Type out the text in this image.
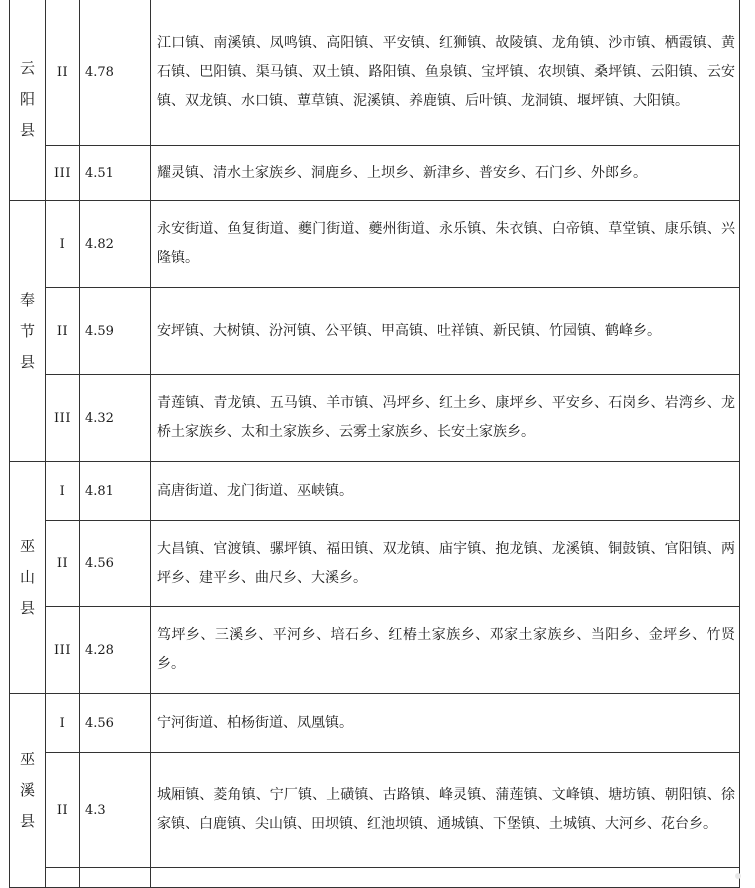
云阳县	II	4.78	江口镇、南溪镇、凤鸣镇、高阳镇、平安镇、红狮镇、故陵镇、龙角镇、沙市镇、栖霞镇、黄石镇、巴阳镇、渠马镇、双土镇、路阳镇、鱼泉镇、宝坪镇、农坝镇、桑坪镇、云阳镇、云安镇、双龙镇、水口镇、蕈草镇、泥溪镇、养鹿镇、后叶镇、龙洞镇、堰坪镇、大阳镇。
	III	4.51	耀灵镇、清水土家族乡、洞鹿乡、上坝乡、新津乡、普安乡、石门乡、外郎乡。
奉节县	I	4.82	永安街道、鱼复街道、夔门街道、夔州街道、永乐镇、朱衣镇、白帝镇、草堂镇、康乐镇、兴隆镇。
	II	4.59	安坪镇、大树镇、汾河镇、公平镇、甲高镇、吐祥镇、新民镇、竹园镇、鹤峰乡。
	III	4.32	青莲镇、青龙镇、五马镇、羊市镇、冯坪乡、红土乡、康坪乡、平安乡、石岗乡、岩湾乡、龙桥土家族乡、太和土家族乡、云雾土家族乡、长安土家族乡。
巫山县	I	4.81	高唐街道、龙门街道、巫峡镇。
	II	4.56	大昌镇、官渡镇、骡坪镇、福田镇、双龙镇、庙宇镇、抱龙镇、龙溪镇、铜鼓镇、官阳镇、两坪乡、建平乡、曲尺乡、大溪乡。
	III	4.28	笃坪乡、三溪乡、平河乡、培石乡、红椿土家族乡、邓家土家族乡、当阳乡、金坪乡、竹贤乡。
巫溪县	I	4.56	宁河街道、柏杨街道、凤凰镇。
	II	4.3	城厢镇、菱角镇、宁厂镇、上磺镇、古路镇、峰灵镇、蒲莲镇、文峰镇、塘坊镇、朝阳镇、徐家镇、白鹿镇、尖山镇、田坝镇、红池坝镇、通城镇、下堡镇、土城镇、大河乡、花台乡。
